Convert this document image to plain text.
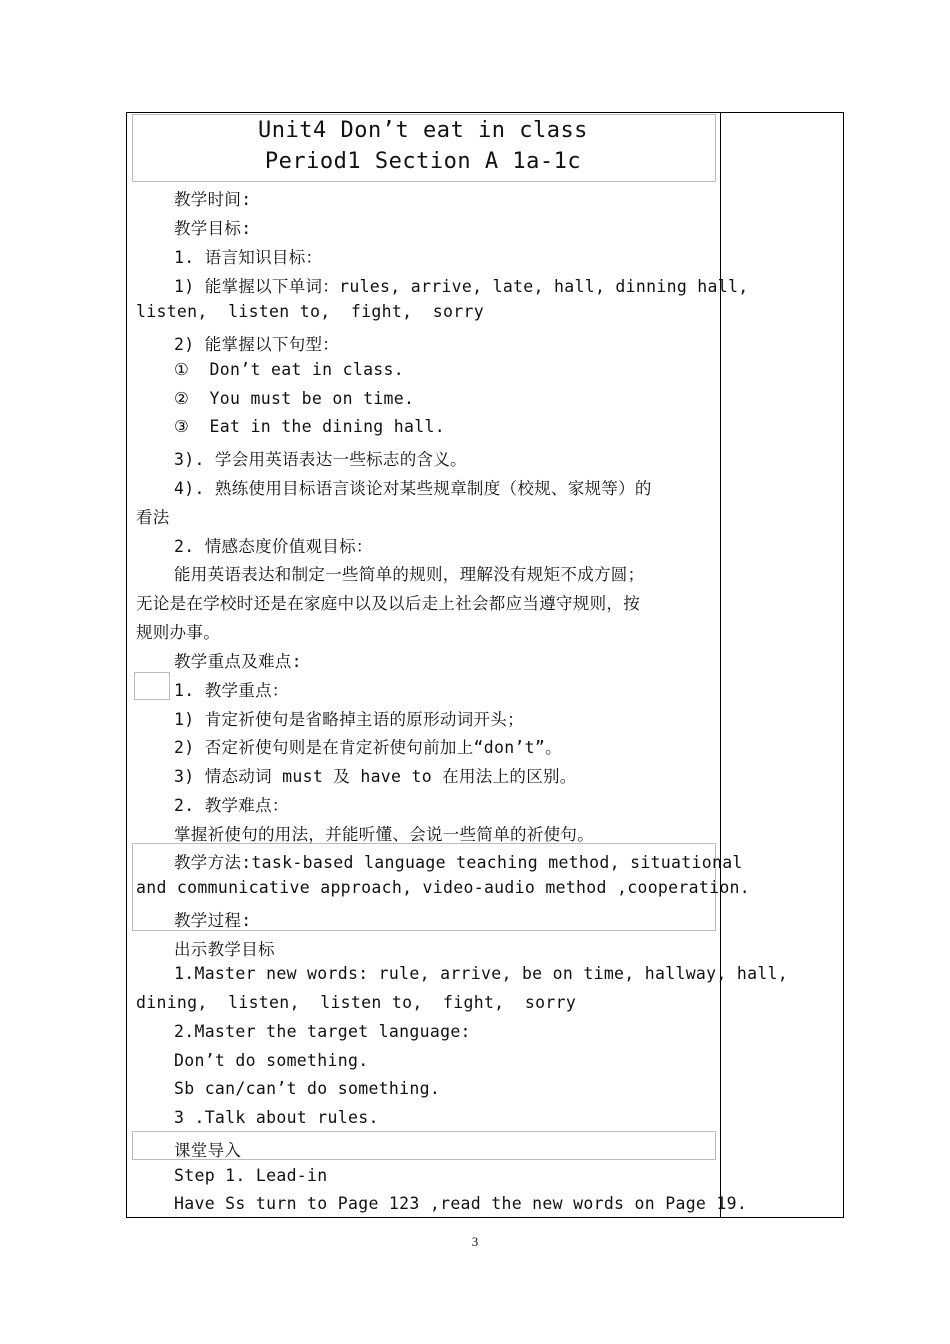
Unit4 Don’t eat in class
Period1 Section A 1a-1c
教学时间:
教学目标:
1. 语言知识目标：
1) 能掌握以下单词：rules, arrive, late, hall, dinning hall,
listen,  listen to,  fight,  sorry
2) 能掌握以下句型：
①  Don’t eat in class.
②  You must be on time.
③  Eat in the dining hall.
3). 学会用英语表达一些标志的含义。
4). 熟练使用目标语言谈论对某些规章制度（校规、家规等）的
看法
2. 情感态度价值观目标：
能用英语表达和制定一些简单的规则，理解没有规矩不成方圆；
无论是在学校时还是在家庭中以及以后走上社会都应当遵守规则，按
规则办事。
教学重点及难点:
1. 教学重点：
1) 肯定祈使句是省略掉主语的原形动词开头；
2) 否定祈使句则是在肯定祈使句前加上“don’t”。
3) 情态动词 must 及 have to 在用法上的区别。
2. 教学难点：
掌握祈使句的用法，并能听懂、会说一些简单的祈使句。
教学方法:task-based language teaching method, situational
and communicative approach, video-audio method ,cooperation.
教学过程:
出示教学目标
1.Master new words: rule, arrive, be on time, hallway, hall,
dining,  listen,  listen to,  fight,  sorry
2.Master the target language:
Don’t do something.
Sb can/can’t do something.
3 .Talk about rules.
课堂导入
Step 1. Lead-in
Have Ss turn to Page 123 ,read the new words on Page 19.
3
